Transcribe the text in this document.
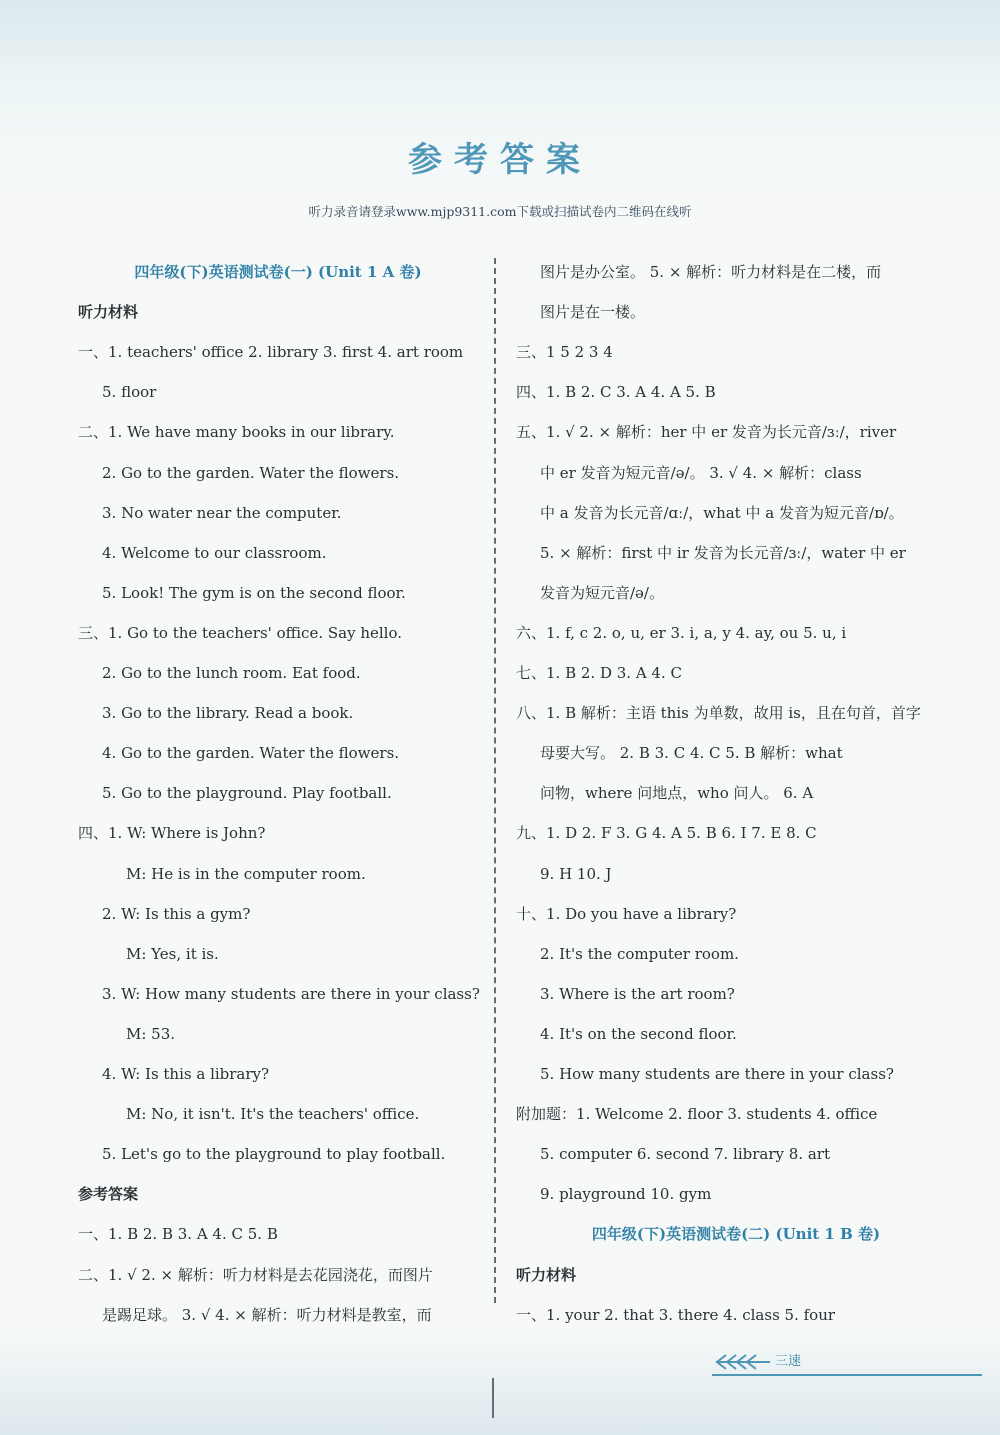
参考答案
听力录音请登录www.mjp9311.com下载或扫描试卷内二维码在线听
四年级(下)英语测试卷(一) (Unit 1 A 卷)
听力材料
一、1. teachers' office 2. library 3. first 4. art room
5. floor
二、1. We have many books in our library.
2. Go to the garden. Water the flowers.
3. No water near the computer.
4. Welcome to our classroom.
5. Look! The gym is on the second floor.
三、1. Go to the teachers' office. Say hello.
2. Go to the lunch room. Eat food.
3. Go to the library. Read a book.
4. Go to the garden. Water the flowers.
5. Go to the playground. Play football.
四、1. W: Where is John?
M: He is in the computer room.
2. W: Is this a gym?
M: Yes, it is.
3. W: How many students are there in your class?
M: 53.
4. W: Is this a library?
M: No, it isn't. It's the teachers' office.
5. Let's go to the playground to play football.
参考答案
一、1. B 2. B 3. A 4. C 5. B
二、1. √ 2. × 解析：听力材料是去花园浇花，而图片
是踢足球。 3. √ 4. × 解析：听力材料是教室，而
图片是办公室。 5. × 解析：听力材料是在二楼，而
图片是在一楼。
三、1 5 2 3 4
四、1. B 2. C 3. A 4. A 5. B
五、1. √ 2. × 解析：her 中 er 发音为长元音/ɜː/，river
中 er 发音为短元音/ə/。 3. √ 4. × 解析：class
中 a 发音为长元音/ɑː/，what 中 a 发音为短元音/ɒ/。
5. × 解析：first 中 ir 发音为长元音/ɜː/，water 中 er
发音为短元音/ə/。
六、1. f, c 2. o, u, er 3. i, a, y 4. ay, ou 5. u, i
七、1. B 2. D 3. A 4. C
八、1. B 解析：主语 this 为单数，故用 is，且在句首，首字
母要大写。 2. B 3. C 4. C 5. B 解析：what
问物，where 问地点，who 问人。 6. A
九、1. D 2. F 3. G 4. A 5. B 6. I 7. E 8. C
9. H 10. J
十、1. Do you have a library?
2. It's the computer room.
3. Where is the art room?
4. It's on the second floor.
5. How many students are there in your class?
附加题：1. Welcome 2. floor 3. students 4. office
5. computer 6. second 7. library 8. art
9. playground 10. gym
四年级(下)英语测试卷(二) (Unit 1 B 卷)
听力材料
一、1. your 2. that 3. there 4. class 5. four
三速
